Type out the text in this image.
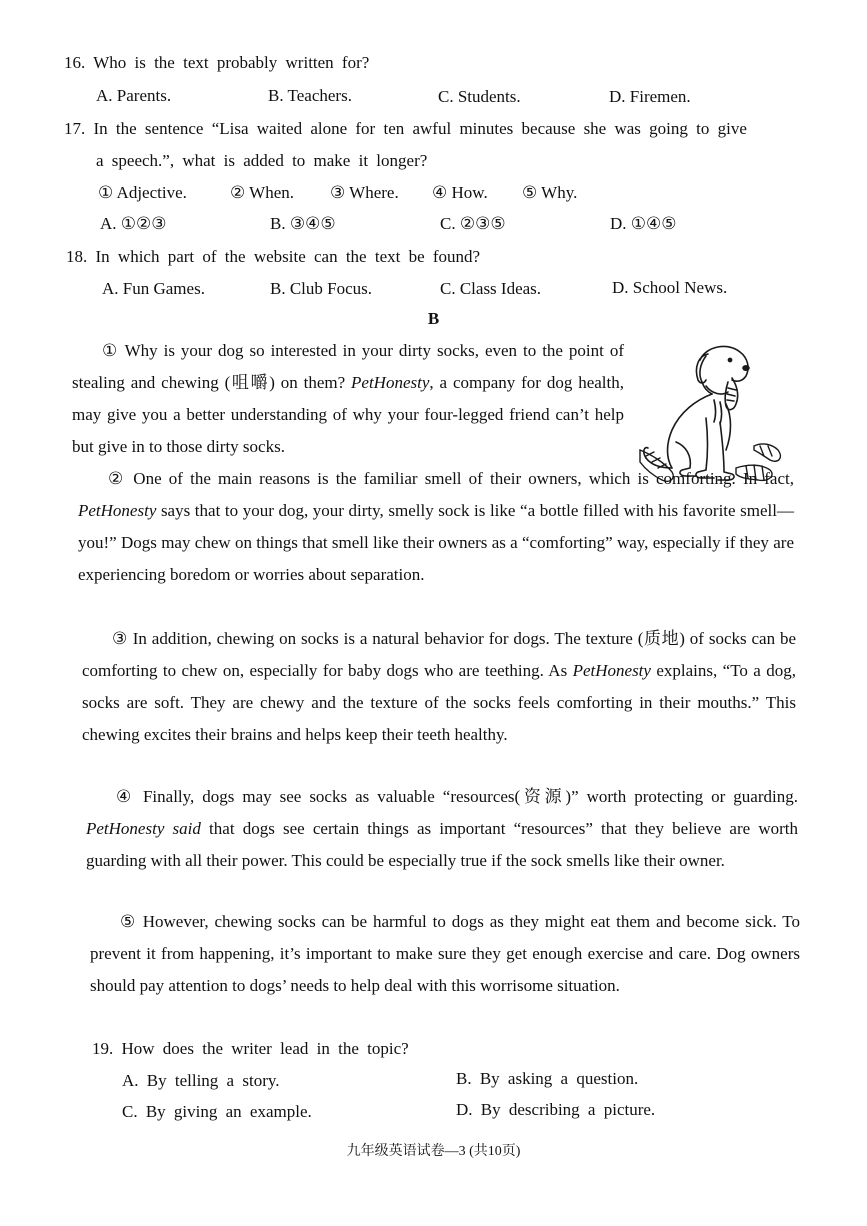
16. Who is the text probably written for?
A. Parents.	B. Teachers.	C. Students.	D. Firemen.
17. In the sentence “Lisa waited alone for ten awful minutes because she was going to give
a speech.”, what is added to make it longer?
① Adjective.	② When. ③ Where. ④ How. ⑤ Why.
A. ①②③	B. ③④⑤	C. ②③⑤	D. ①④⑤
18. In which part of the website can the text be found?
A. Fun Games.	B. Club Focus.	C. Class Ideas.	D. School News.
B
① Why is your dog so interested in your dirty socks, even to the point of stealing and chewing (咀嚼) on them? PetHonesty, a company for dog health, may give you a better understanding of why your four-legged friend can’t help but give in to those dirty socks.
② One of the main reasons is the familiar smell of their owners, which is comforting. In fact, PetHonesty says that to your dog, your dirty, smelly sock is like “a bottle filled with his favorite smell—you!” Dogs may chew on things that smell like their owners as a “comforting” way, especially if they are experiencing boredom or worries about separation.
③ In addition, chewing on socks is a natural behavior for dogs. The texture (质地) of socks can be comforting to chew on, especially for baby dogs who are teething. As PetHonesty explains, “To a dog, socks are soft. They are chewy and the texture of the socks feels comforting in their mouths.” This chewing excites their brains and helps keep their teeth healthy.
④ Finally, dogs may see socks as valuable “resources(资源)” worth protecting or guarding. PetHonesty said that dogs see certain things as important “resources” that they believe are worth guarding with all their power. This could be especially true if the sock smells like their owner.
⑤ However, chewing socks can be harmful to dogs as they might eat them and become sick. To prevent it from happening, it’s important to make sure they get enough exercise and care. Dog owners should pay attention to dogs’ needs to help deal with this worrisome situation.
19. How does the writer lead in the topic?
A. By telling a story.	B. By asking a question.
C. By giving an example.	D. By describing a picture.
九年级英语试卷—3 (共10页)
